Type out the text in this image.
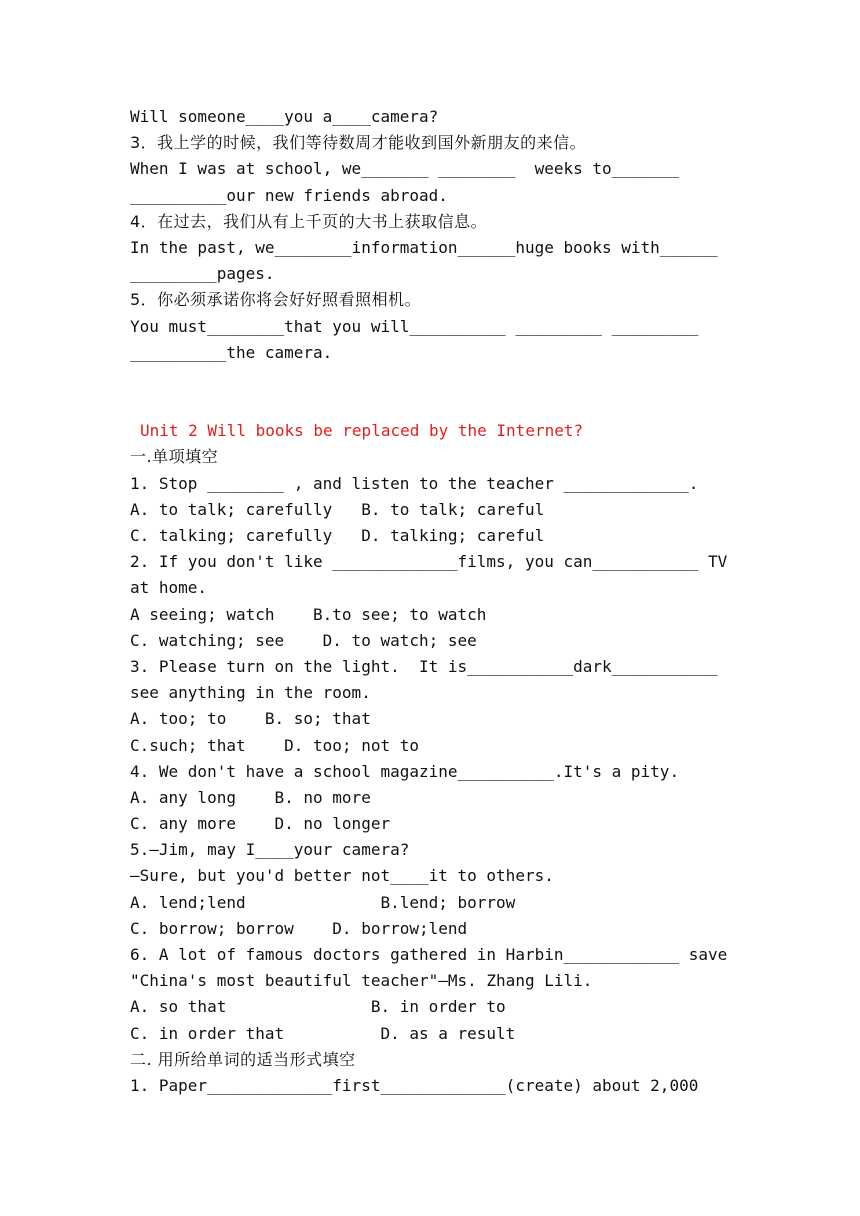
Will someone____you a____camera?
3．我上学的时候，我们等待数周才能收到国外新朋友的来信。
When I was at school, we_______ ________  weeks to_______
__________our new friends abroad.
4．在过去，我们从有上千页的大书上获取信息。
In the past, we________information______huge books with______
_________pages.
5．你必须承诺你将会好好照看照相机。
You must________that you will__________ _________ _________
__________the camera.
Unit 2 Will books be replaced by the Internet?
一.单项填空
1. Stop ________ , and listen to the teacher _____________.
A. to talk; carefully   B. to talk; careful
C. talking; carefully   D. talking; careful
2. If you don't like _____________films, you can___________ TV
at home.
A seeing; watch    B.to see; to watch
C. watching; see    D. to watch; see
3. Please turn on the light.  It is___________dark___________
see anything in the room.
A. too; to    B. so; that
C.such; that    D. too; not to
4. We don't have a school magazine__________.It's a pity.
A. any long    B. no more
C. any more    D. no longer
5.—Jim, may I____your camera?
—Sure, but you'd better not____it to others.
A. lend;lend              B.lend; borrow
C. borrow; borrow    D. borrow;lend
6. A lot of famous doctors gathered in Harbin____________ save
"China's most beautiful teacher"—Ms. Zhang Lili.
A. so that               B. in order to
C. in order that          D. as a result
二. 用所给单词的适当形式填空
1. Paper_____________first_____________(create) about 2,000
